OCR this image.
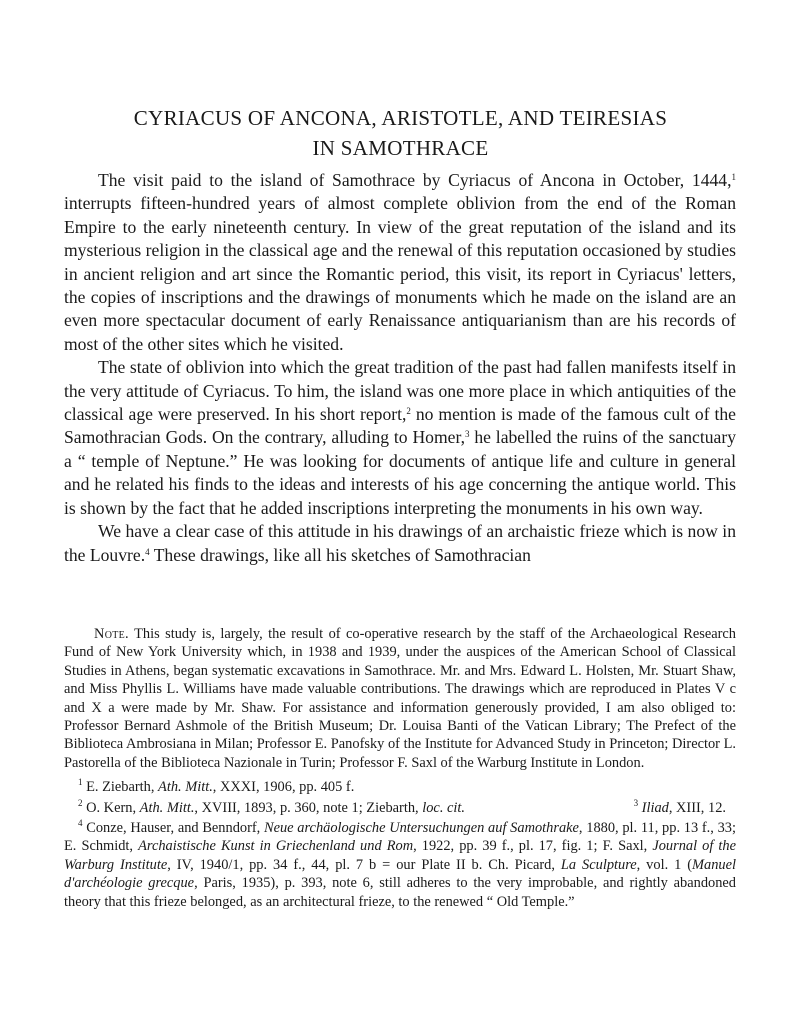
CYRIACUS OF ANCONA, ARISTOTLE, AND TEIRESIAS
IN SAMOTHRACE

The visit paid to the island of Samothrace by Cyriacus of Ancona in October, 1444,$^1$ interrupts fifteen-hundred years of almost complete oblivion from the end of the Roman Empire to the early nineteenth century. In view of the great reputation of the island and its mysterious religion in the classical age and the renewal of this reputation occasioned by studies in ancient religion and art since the Romantic period, this visit, its report in Cyriacus' letters, the copies of inscriptions and the drawings of monuments which he made on the island are an even more spectacular document of early Renaissance antiquarianism than are his records of most of the other sites which he visited.

The state of oblivion into which the great tradition of the past had fallen manifests itself in the very attitude of Cyriacus. To him, the island was one more place in which antiquities of the classical age were preserved. In his short report,$^2$ no mention is made of the famous cult of the Samothracian Gods. On the contrary, alluding to Homer,$^3$ he labelled the ruins of the sanctuary a “ temple of Neptune.” He was looking for documents of antique life and culture in general and he related his finds to the ideas and interests of his age concerning the antique world. This is shown by the fact that he added inscriptions interpreting the monuments in his own way.

We have a clear case of this attitude in his drawings of an archaistic frieze which is now in the Louvre.$^4$ These drawings, like all his sketches of Samothracian

Note. This study is, largely, the result of co-operative research by the staff of the Archaeological Research Fund of New York University which, in 1938 and 1939, under the auspices of the American School of Classical Studies in Athens, began systematic excavations in Samothrace. Mr. and Mrs. Edward L. Holsten, Mr. Stuart Shaw, and Miss Phyllis L. Williams have made valuable contributions. The drawings which are reproduced in Plates V c and X a were made by Mr. Shaw. For assistance and information generously provided, I am also obliged to: Professor Bernard Ashmole of the British Museum; Dr. Louisa Banti of the Vatican Library; The Prefect of the Biblioteca Ambrosiana in Milan; Professor E. Panofsky of the Institute for Advanced Study in Princeton; Director L. Pastorella of the Biblioteca Nazionale in Turin; Professor F. Saxl of the Warburg Institute in London.

$^1$ E. Ziebarth, Ath. Mitt., XXXI, 1906, pp. 405 f.

$^2$ O. Kern, Ath. Mitt., XVIII, 1893, p. 360, note 1; Ziebarth, loc. cit.	$^3$ Iliad, XIII, 12.

$^4$ Conze, Hauser, and Benndorf, Neue archäologische Untersuchungen auf Samothrake, 1880, pl. 11, pp. 13 f., 33; E. Schmidt, Archaistische Kunst in Griechenland und Rom, 1922, pp. 39 f., pl. 17, fig. 1; F. Saxl, Journal of the Warburg Institute, IV, 1940/1, pp. 34 f., 44, pl. 7 b = our Plate II b. Ch. Picard, La Sculpture, vol. 1 (Manuel d'archéologie grecque, Paris, 1935), p. 393, note 6, still adheres to the very improbable, and rightly abandoned theory that this frieze belonged, as an architectural frieze, to the renewed “ Old Temple.”
